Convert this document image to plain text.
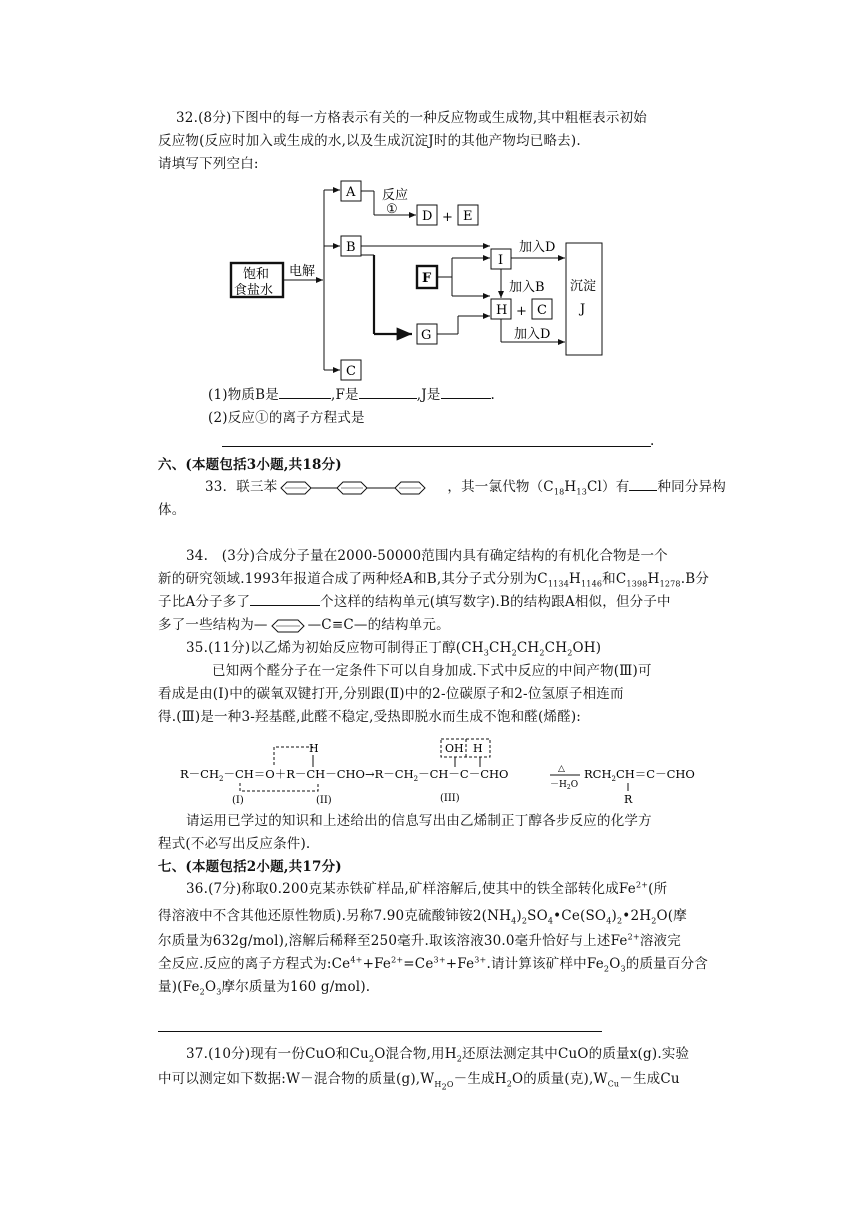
32.(8分)下图中的每一方格表示有关的一种反应物或生成物,其中粗框表示初始
反应物(反应时加入或生成的水,以及生成沉淀J时的其他产物均已略去).
请填写下列空白:
饱和
食盐水
电解
A 反应
① D + E
B
F
G
C
I
加入D
加入B
H + C
加入D
沉淀
J
(1)物质B是	,F是	,J是	.
(2)反应①的离子方程式是
.
六、(本题包括3小题,共18分)
33．联三苯	，其一氯代物$(C_{18}H_{13}Cl)$有 种同分异构
体。
34.　(3分)合成分子量在2000-50000范围内具有确定结构的有机化合物是一个
新的研究领域.1993年报道合成了两种烃A和B,其分子式分别为$C_{1134}H_{1146}$和$C_{1398}H_{1278}.B$分
子比A分子多了	个这样的结构单元(填写数字).B的结构跟A相似，但分子中
多了一些结构为—	—C≡C—的结构单元。
35.(11分)以乙烯为初始反应物可制得正丁醇$(CH_3CH_2CH_2CH_2OH)$
已知两个醛分子在一定条件下可以自身加成.下式中反应的中间产物(Ⅲ)可
看成是由(Ⅰ)中的碳氧双键打开,分别跟(Ⅱ)中的2-位碳原子和2-位氢原子相连而
得.(Ⅲ)是一种3-羟基醛,此醛不稳定,受热即脱水而生成不饱和醛(烯醛):
$R-CH_2-CH=O+R-CH-CHO\to R-CH_2-CH-C-CHO$	△
$-H_2O$
$RCH_2CH=C-CHO$
H
(I)	(II)
OH H
(III)	R
请运用已学过的知识和上述给出的信息写出由乙烯制正丁醇各步反应的化学方
程式(不必写出反应条件).
七、(本题包括2小题,共17分)
36.(7分)称取0.200克某赤铁矿样品,矿样溶解后,使其中的铁全部转化成$Fe^{2+}$(所
得溶液中不含其他还原性物质).另称7.90克硫酸铈铵$2(NH_4)_2SO_4•Ce(SO_4)_2•2H_2O$(摩
尔质量为632g/mol),溶解后稀释至250毫升.取该溶液30.0毫升恰好与上述$Fe^{2+}$溶液完
全反应.反应的离子方程式为$:Ce^{4+}+Fe^{2+}=Ce^{3+}+Fe^{3+}$.请计算该矿样中$Fe_2O_3$的质量百分含
量)($Fe_2O_3$摩尔质量为160 g/mol).
37.(10分)现有一份CuO和$Cu_2O$混合物,用$H_2$还原法测定其中CuO的质量x(g).实验
中可以测定如下数据:W－混合物的质量$(g),W_{H_2O}-$生成$H_2O$的质量(克)$,W_{Cu}-$生成Cu
